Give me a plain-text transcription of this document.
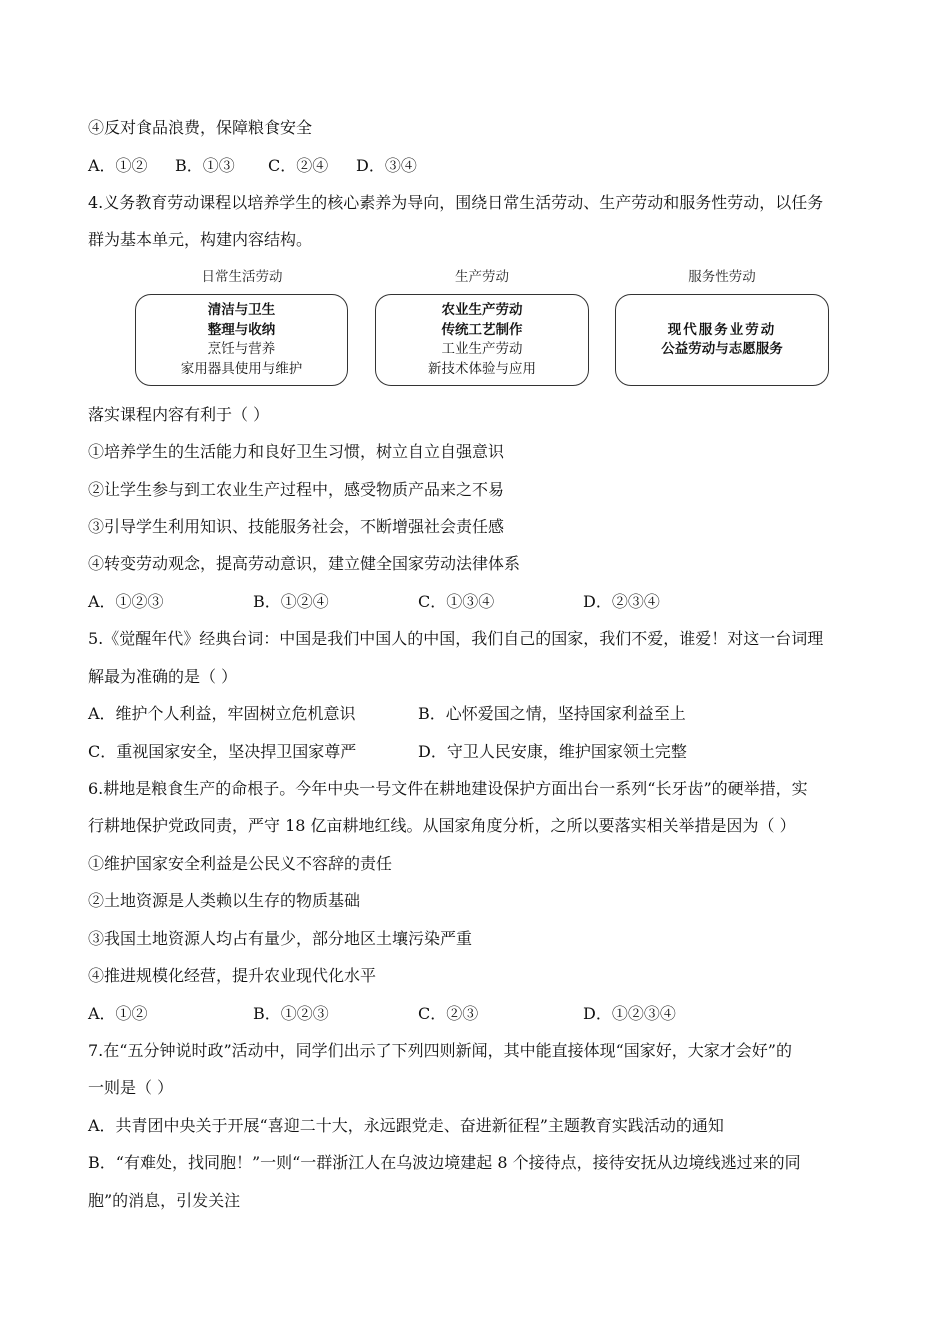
④反对食品浪费，保障粮食安全
A．①② B．①③ C．②④ D．③④
4.义务教育劳动课程以培养学生的核心素养为导向，围绕日常生活劳动、生产劳动和服务性劳动，以任务
群为基本单元，构建内容结构。
日常生活劳动	生产劳动	服务性劳动
清洁与卫生
整理与收纳
烹饪与营养
家用器具使用与维护
农业生产劳动
传统工艺制作
工业生产劳动
新技术体验与应用
现代服务业劳动
公益劳动与志愿服务
落实课程内容有利于（ ）
①培养学生的生活能力和良好卫生习惯，树立自立自强意识
②让学生参与到工农业生产过程中，感受物质产品来之不易
③引导学生利用知识、技能服务社会，不断增强社会责任感
④转变劳动观念，提高劳动意识，建立健全国家劳动法律体系
A．①②③	B．①②④	C．①③④	D．②③④
5.《觉醒年代》经典台词：中国是我们中国人的中国，我们自己的国家，我们不爱，谁爱！对这一台词理
解最为准确的是（ ）
A．维护个人利益，牢固树立危机意识	B．心怀爱国之情，坚持国家利益至上
C．重视国家安全，坚决捍卫国家尊严	D．守卫人民安康，维护国家领土完整
6.耕地是粮食生产的命根子。今年中央一号文件在耕地建设保护方面出台一系列“长牙齿”的硬举措，实
行耕地保护党政同责，严守 18 亿亩耕地红线。从国家角度分析，之所以要落实相关举措是因为（ ）
①维护国家安全利益是公民义不容辞的责任
②土地资源是人类赖以生存的物质基础
③我国土地资源人均占有量少，部分地区土壤污染严重
④推进规模化经营，提升农业现代化水平
A．①②	B．①②③	C．②③	D．①②③④
7.在“五分钟说时政”活动中，同学们出示了下列四则新闻，其中能直接体现“国家好，大家才会好”的
一则是（ ）
A．共青团中央关于开展“喜迎二十大，永远跟党走、奋进新征程”主题教育实践活动的通知
B．“有难处，找同胞！”一则“一群浙江人在乌波边境建起 8 个接待点，接待安抚从边境线逃过来的同
胞”的消息，引发关注
